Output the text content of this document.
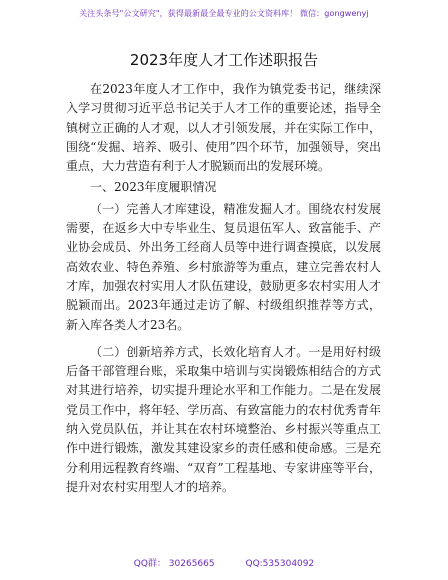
关注头条号"公文研究"，获得最新最全最专业的公文资料库！ 微信：gongwenyj
2023年度人才工作述职报告

在2023年度人才工作中，我作为镇党委书记，继续深入学习贯彻习近平总书记关于人才工作的重要论述，指导全镇树立正确的人才观，以人才引领发展，并在实际工作中，围绕“发掘、培养、吸引、使用”四个环节，加强领导，突出重点，大力营造有利于人才脱颖而出的发展环境。

一、2023年度履职情况

（一）完善人才库建设，精准发掘人才。围绕农村发展需要，在返乡大中专毕业生、复员退伍军人、致富能手、产业协会成员、外出务工经商人员等中进行调查摸底，以发展高效农业、特色养殖、乡村旅游等为重点，建立完善农村人才库，加强农村实用人才队伍建设，鼓励更多农村实用人才脱颖而出。2023年通过走访了解、村级组织推荐等方式，新入库各类人才23名。

（二）创新培养方式，长效化培育人才。一是用好村级后备干部管理台账，采取集中培训与实岗锻炼相结合的方式对其进行培养，切实提升理论水平和工作能力。二是在发展党员工作中，将年轻、学历高、有致富能力的农村优秀青年纳入党员队伍，并让其在农村环境整治、乡村振兴等重点工作中进行锻炼，激发其建设家乡的责任感和使命感。三是充分利用远程教育终端、“双育”工程基地、专家讲座等平台，提升对农村实用型人才的培养。

QQ群： 30265665	QQ:535304092
